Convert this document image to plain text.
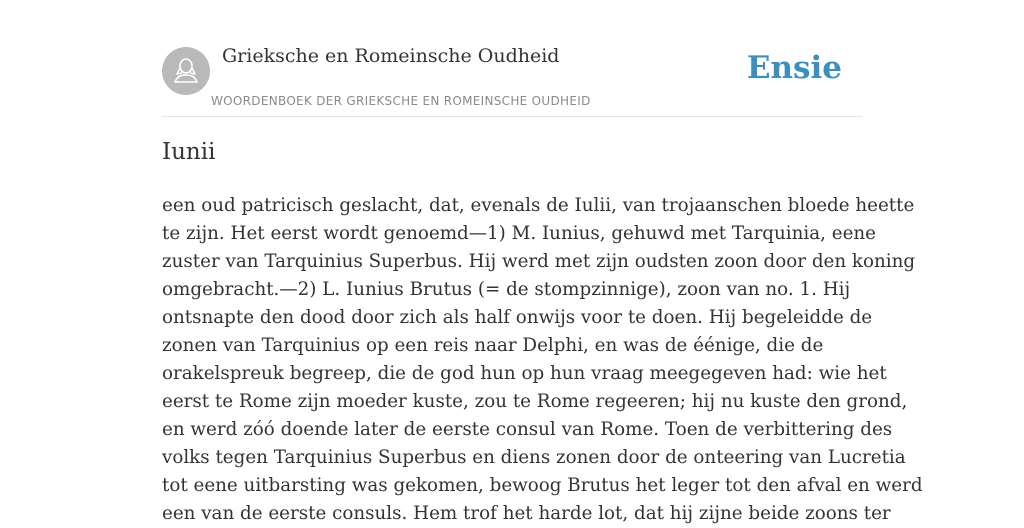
Grieksche en Romeinsche Oudheid
WOORDENBOEK DER GRIEKSCHE EN ROMEINSCHE OUDHEID
Ensie
Iunii
een oud patricisch geslacht, dat, evenals de Iulii, van trojaanschen bloede heette
te zijn. Het eerst wordt genoemd—1) M. Iunius, gehuwd met Tarquinia, eene
zuster van Tarquinius Superbus. Hij werd met zijn oudsten zoon door den koning
omgebracht.—2) L. Iunius Brutus (= de stompzinnige), zoon van no. 1. Hij
ontsnapte den dood door zich als half onwijs voor te doen. Hij begeleidde de
zonen van Tarquinius op een reis naar Delphi, en was de éénige, die de
orakelspreuk begreep, die de god hun op hun vraag meegegeven had: wie het
eerst te Rome zijn moeder kuste, zou te Rome regeeren; hij nu kuste den grond,
en werd zóó doende later de eerste consul van Rome. Toen de verbittering des
volks tegen Tarquinius Superbus en diens zonen door de onteering van Lucretia
tot eene uitbarsting was gekomen, bewoog Brutus het leger tot den afval en werd
een van de eerste consuls. Hem trof het harde lot, dat hij zijne beide zoons ter
